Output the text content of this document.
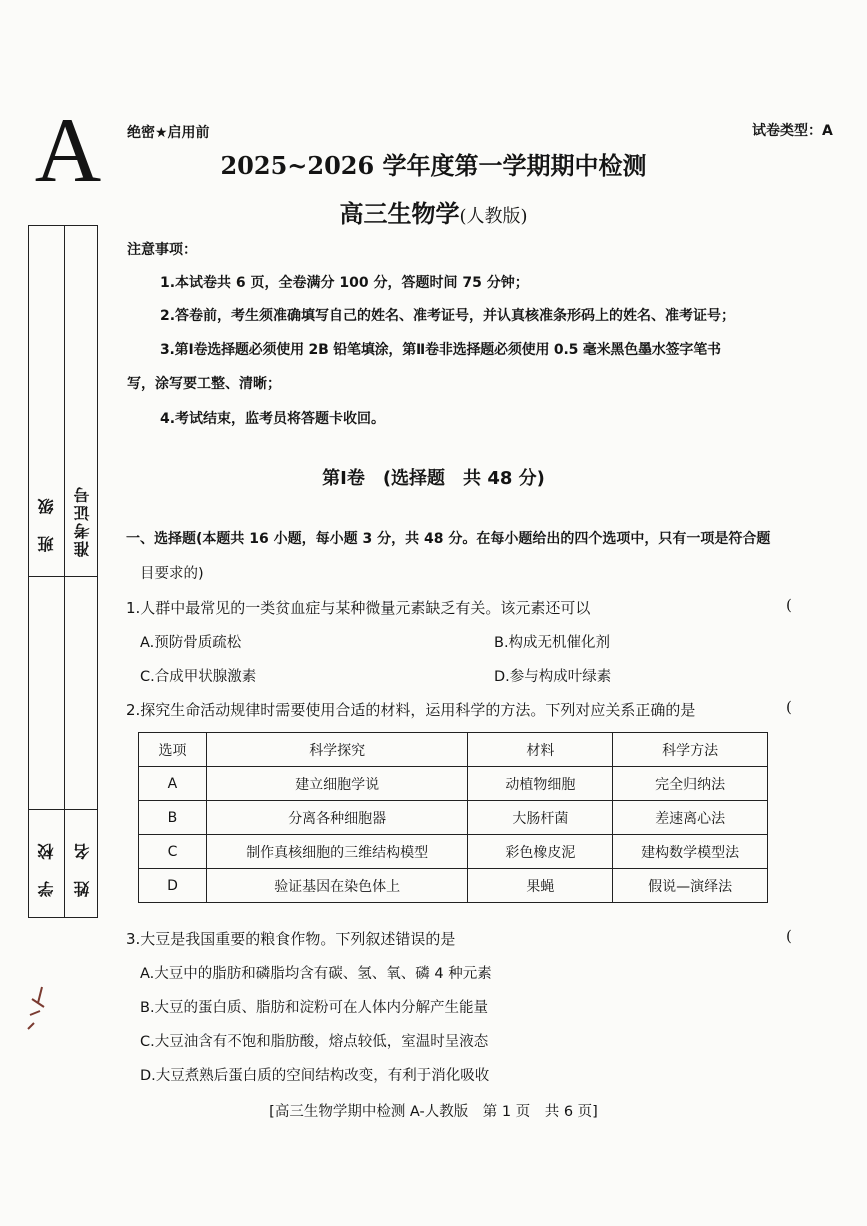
A	绝密★启用前	试卷类型：A
2025~2026 学年度第一学期期中检测
高三生物学(人教版)
班 级 准考证号
学 校 姓 名
注意事项：
1.本试卷共 6 页，全卷满分 100 分，答题时间 75 分钟；
2.答卷前，考生须准确填写自己的姓名、准考证号，并认真核准条形码上的姓名、准考证号；
3.第Ⅰ卷选择题必须使用 2B 铅笔填涂，第Ⅱ卷非选择题必须使用 0.5 毫米黑色墨水签字笔书
写，涂写要工整、清晰；
4.考试结束，监考员将答题卡收回。
第Ⅰ卷　(选择题　共 48 分)
一、选择题(本题共 16 小题，每小题 3 分，共 48 分。在每小题给出的四个选项中，只有一项是符合题
目要求的)
1.人群中最常见的一类贫血症与某种微量元素缺乏有关。该元素还可以	(
A.预防骨质疏松	B.构成无机催化剂
C.合成甲状腺激素	D.参与构成叶绿素
2.探究生命活动规律时需要使用合适的材料，运用科学的方法。下列对应关系正确的是	(
选项	科学探究	材料	科学方法
A	建立细胞学说	动植物细胞	完全归纳法
B	分离各种细胞器	大肠杆菌	差速离心法
C	制作真核细胞的三维结构模型	彩色橡皮泥	建构数学模型法
D	验证基因在染色体上	果蝇	假说—演绎法
3.大豆是我国重要的粮食作物。下列叙述错误的是	(
A.大豆中的脂肪和磷脂均含有碳、氢、氧、磷 4 种元素
B.大豆的蛋白质、脂肪和淀粉可在人体内分解产生能量
C.大豆油含有不饱和脂肪酸，熔点较低，室温时呈液态
D.大豆煮熟后蛋白质的空间结构改变，有利于消化吸收
[高三生物学期中检测 A-人教版　第 1 页　共 6 页]
